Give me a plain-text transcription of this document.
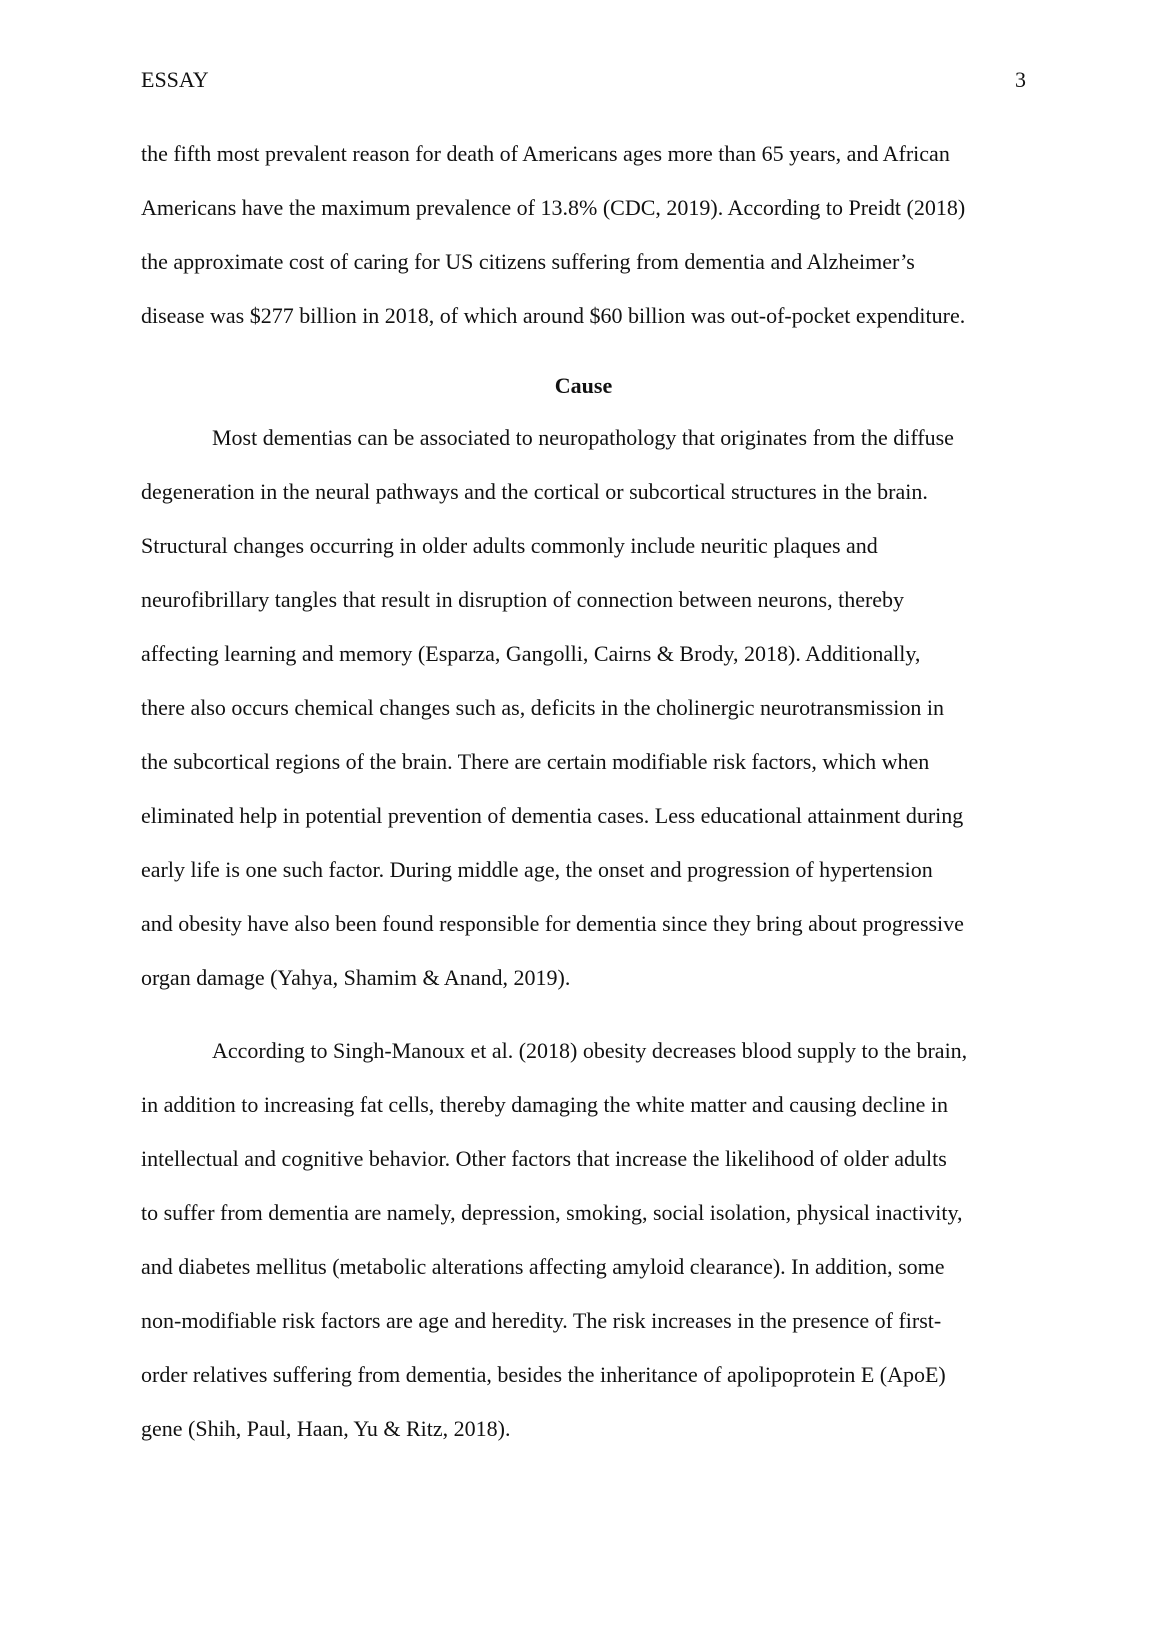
ESSAY	3
the fifth most prevalent reason for death of Americans ages more than 65 years, and African
Americans have the maximum prevalence of 13.8% (CDC, 2019). According to Preidt (2018)
the approximate cost of caring for US citizens suffering from dementia and Alzheimer’s
disease was $277 billion in 2018, of which around $60 billion was out-of-pocket expenditure.
Cause
Most dementias can be associated to neuropathology that originates from the diffuse
degeneration in the neural pathways and the cortical or subcortical structures in the brain.
Structural changes occurring in older adults commonly include neuritic plaques and
neurofibrillary tangles that result in disruption of connection between neurons, thereby
affecting learning and memory (Esparza, Gangolli, Cairns & Brody, 2018). Additionally,
there also occurs chemical changes such as, deficits in the cholinergic neurotransmission in
the subcortical regions of the brain. There are certain modifiable risk factors, which when
eliminated help in potential prevention of dementia cases. Less educational attainment during
early life is one such factor. During middle age, the onset and progression of hypertension
and obesity have also been found responsible for dementia since they bring about progressive
organ damage (Yahya, Shamim & Anand, 2019).
According to Singh-Manoux et al. (2018) obesity decreases blood supply to the brain,
in addition to increasing fat cells, thereby damaging the white matter and causing decline in
intellectual and cognitive behavior. Other factors that increase the likelihood of older adults
to suffer from dementia are namely, depression, smoking, social isolation, physical inactivity,
and diabetes mellitus (metabolic alterations affecting amyloid clearance). In addition, some
non-modifiable risk factors are age and heredity. The risk increases in the presence of first-
order relatives suffering from dementia, besides the inheritance of apolipoprotein E (ApoE)
gene (Shih, Paul, Haan, Yu & Ritz, 2018).
